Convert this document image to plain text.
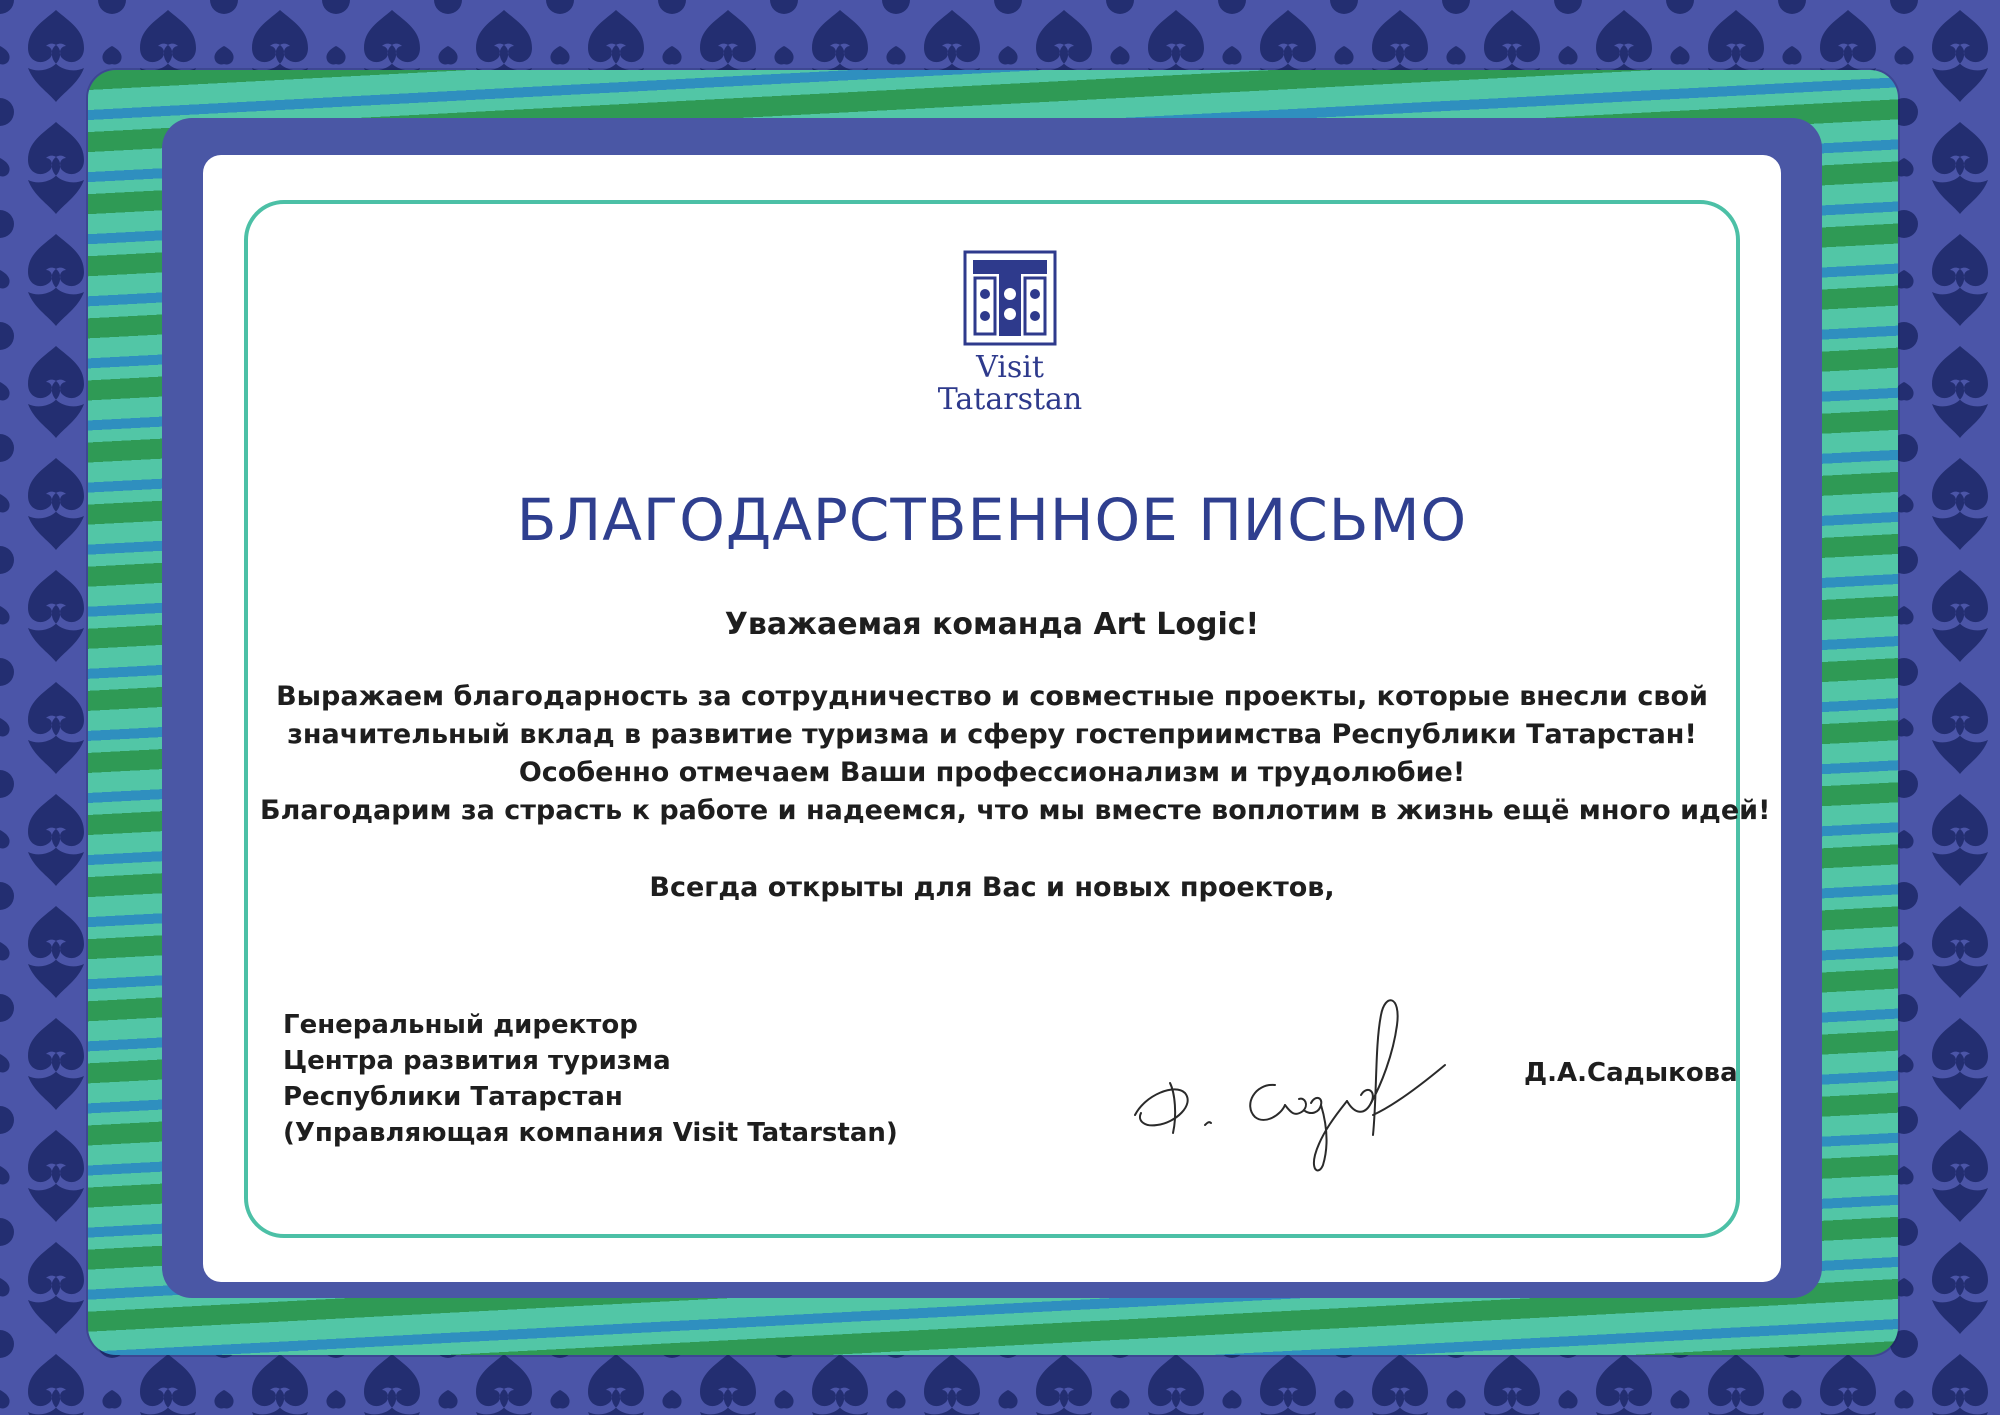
Visit
Tatarstan
БЛАГОДАРСТВЕННОЕ ПИСЬМО
Уважаемая команда Art Logic!
Выражаем благодарность за сотрудничество и совместные проекты, которые внесли свой
значительный вклад в развитие туризма и сферу гостеприимства Республики Татарстан!
Особенно отмечаем Ваши профессионализм и трудолюбие!
Благодарим за страсть к работе и надеемся, что мы вместе воплотим в жизнь ещё много идей!
Всегда открыты для Вас и новых проектов,
Генеральный директор
Центра развития туризма
Республики Татарстан
(Управляющая компания Visit Tatarstan)
Д.А.Садыкова
